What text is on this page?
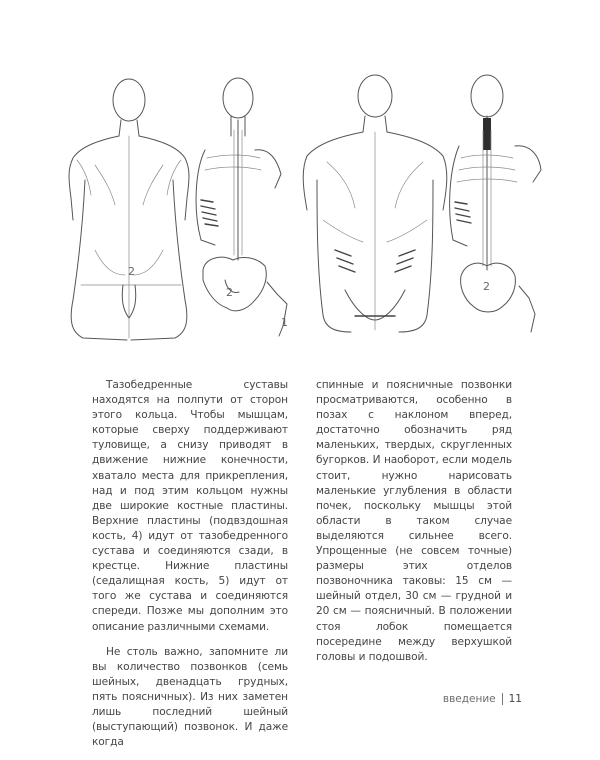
2
2
1
2

Тазобедренные суставы находятся на полпути от сторон этого кольца. Чтобы мышцам, которые сверху поддерживают туловище, а снизу приводят в движение нижние конечности, хватало места для прикрепления, над и под этим кольцом нужны две широкие костные пластины. Верхние пластины (подвздошная кость, 4) идут от тазобедренного сустава и соединяются сзади, в крестце. Нижние пластины (седалищная кость, 5) идут от того же сустава и соединяются спереди. Позже мы дополним это описание различными схемами.

Не столь важно, запомните ли вы количество позвонков (семь шейных, двенадцать грудных, пять поясничных). Из них заметен лишь последний шейный (выступающий) позвонок. И даже когда

спинные и поясничные позвонки просматриваются, особенно в позах с наклоном вперед, достаточно обозначить ряд маленьких, твердых, скругленных бугорков. И наоборот, если модель стоит, нужно нарисовать маленькие углубления в области почек, поскольку мышцы этой области в таком случае выделяются сильнее всего. Упрощенные (не совсем точные) размеры этих отделов позвоночника таковы: 15 см — шейный отдел, 30 см — грудной и 20 см — поясничный. В положении стоя лобок помещается посередине между верхушкой головы и подошвой.

введение 11
